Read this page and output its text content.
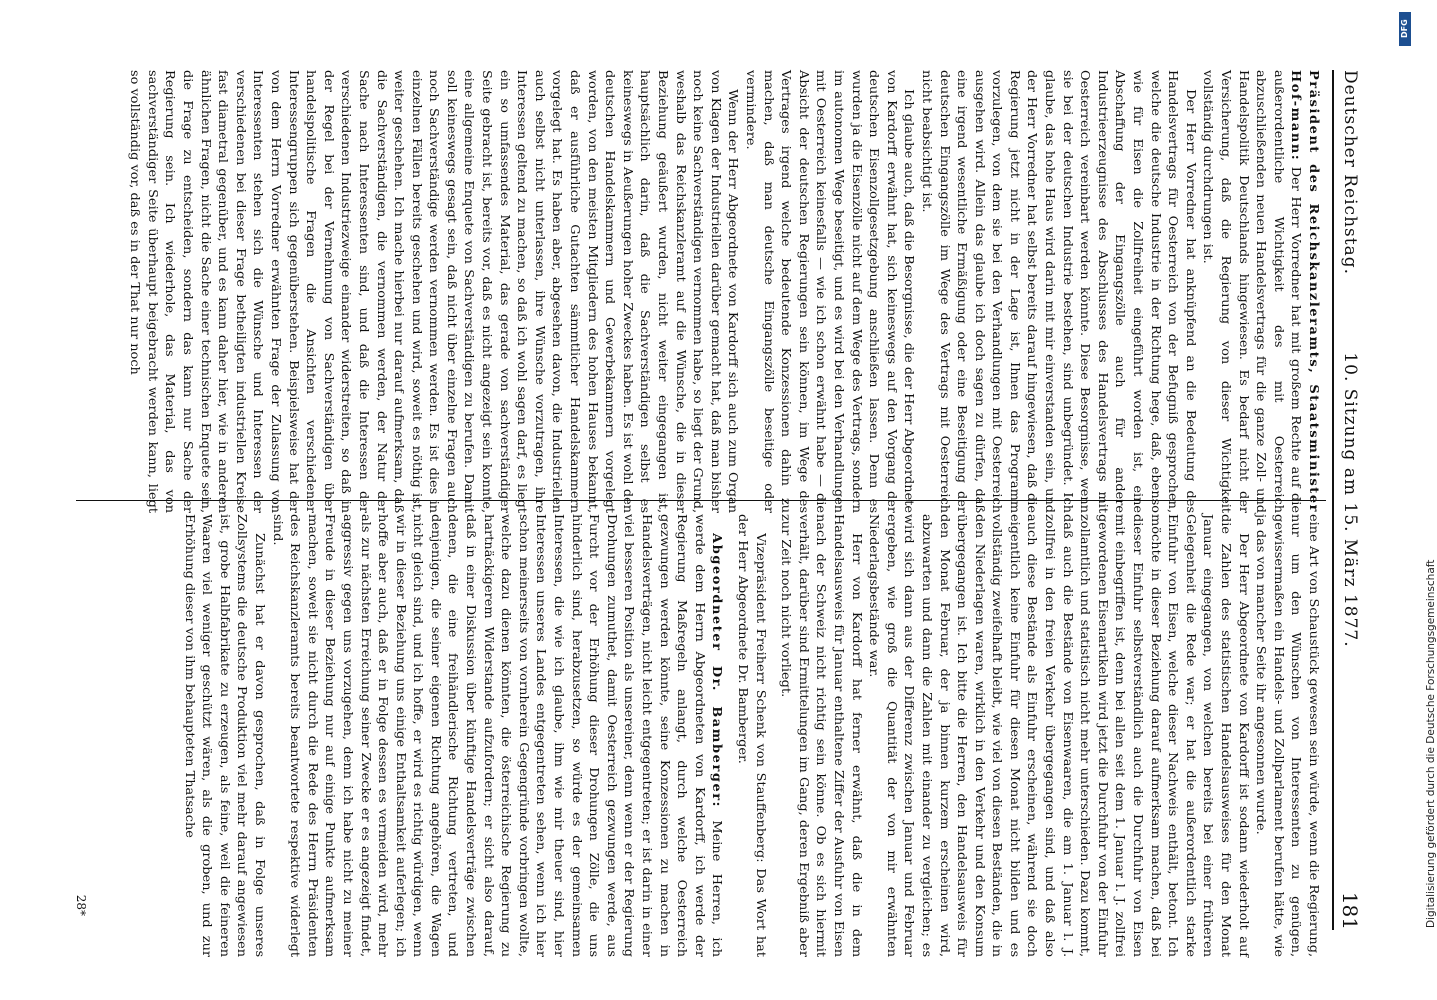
Deutscher Reichstag.
10. Sitzung am 15. März 1877.
181

Präsident des Reichskanzleramts, Staatsminister Hof-mann: Der Herr Vorredner hat mit großem Rechte auf die außerordentliche Wichtigkeit des mit Oesterreich abzuschließenden neuen Handelsvertrags für die ganze Zoll- und Handelspolitik Deutschlands hingewiesen. Es bedarf nicht der Versicherung, daß die Regierung von dieser Wichtigkeit vollständig durchdrungen ist.

Der Herr Vorredner hat anknüpfend an die Bedeutung des Handelsvertrags für Oesterreich von der Befugniß gesprochen, welche die deutsche Industrie in der Richtung hege, daß, ebenso wie für Eisen die Zollfreiheit eingeführt worden ist, eine Abschaffung der Eingangszölle auch für andere Industrieerzeugnisse des Abschlusses des Handelsvertrags mit Oesterreich vereinbart werden könnte. Diese Besorgnisse, wenn sie bei der deutschen Industrie bestehen, sind unbegründet. Ich glaube, das hohe Haus wird darin mit mir einverstanden sein, und der Herr Vorredner hat selbst bereits darauf hingewiesen, daß die Regierung jetzt nicht in der Lage ist, Ihnen das Programm vorzulegen, von dem sie bei den Verhandlungen mit Oesterreich ausgehen wird. Allein das glaube ich doch sagen zu dürfen, daß eine irgend wesentliche Ermäßigung oder eine Beseitigung der deutschen Eingangszölle im Wege des Vertrags mit Oesterreich nicht beabsichtigt ist.

Ich glaube auch, daß die Besorgnisse, die der Herr Abgeordnete von Kardorff erwähnt hat, sich keineswegs auf den Vorgang der deutschen Eisenzollgesetzgebung anschließen lassen. Denn es wurden ja die Eisenzölle nicht auf dem Wege des Vertrags, sondern im autonomen Wege beseitigt, und es wird bei den Verhandlungen mit Oesterreich keinesfalls — wie ich schon erwähnt habe — die Absicht der deutschen Regierungen sein können, im Wege des Vertrages irgend welche bedeutende Konzessionen dahin zu machen, daß man deutsche Eingangszölle beseitige oder vermindere.

Wenn der Herr Abgeordnete von Kardorff sich auch zum Organ von Klagen der Industriellen darüber gemacht hat, daß man bisher noch keine Sachverständigen vernommen habe, so liegt der Grund, weshalb das Reichskanzleramt auf die Wünsche, die in dieser Beziehung geäußert wurden, nicht weiter eingegangen ist, hauptsächlich darin, daß die Sachverständigen selbst es keineswegs in Aeußerungen hoher Zweckes haben. Es ist wohl den deutschen Handelskammern und Gewerbekammern vorgelegt worden, von den meisten Mitgliedern des hohen Hauses bekannt, daß er ausführliche Gutachten sämmtlicher Handelskammern vorgelegt hat. Es haben aber, abgesehen davon, die Industriellen auch selbst nicht unterlassen, ihre Wünsche vorzutragen, ihre Interessen geltend zu machen, so daß ich wohl sagen darf, es liegt ein so umfassendes Material, das gerade von sachverständiger Seite gebracht ist, bereits vor, daß es nicht angezeigt sein konnte, eine allgemeine Enquete von Sachverständigen zu berufen. Damit soll keineswegs gesagt sein, daß nicht über einzelne Fragen auch noch Sachverständige werden vernommen werden. Es ist dies in einzelnen Fällen bereits geschehen und wird, soweit es nöthig ist, weiter geschehen. Ich mache hierbei nur darauf aufmerksam, daß die Sachverständigen, die vernommen werden, der Natur der Sache nach Interessenten sind, und daß die Interessen der verschiedenen Industriezweige einander widerstreiten, so daß in der Regel bei der Vernehmung von Sachverständigen über handelspolitische Fragen die Ansichten verschiedener Interessengruppen sich gegenüberstehen. Beispielsweise hat der von dem Herrn Vorredner erwähnten Frage der Zulassung von Interessenten stehen sich die Wünsche und Interessen der verschiedenen bei dieser Frage betheiligten industriellen Kreise fast diametral gegenüber, und es kann daher hier, wie in anderen ähnlichen Fragen, nicht die Sache einer technischen Enquete sein, die Frage zu entscheiden, sondern das kann nur Sache der Regierung sein. Ich wiederhole, das Material, das von sachverständiger Seite überhaupt beigebracht werden kann, liegt so vollständig vor, daß es in der That nur noch

eine Art von Schaustück gewesen sein würde, wenn die Regierung, nur um den Wünschen von Interessenten zu genügen, gewissermaßen ein Handels- und Zollparlament berufen hätte, wie ja das von mancher Seite ihr angesonnen wurde.

Der Herr Abgeordnete von Kardorff ist sodann wiederholt auf die Zahlen des statistischen Handelsausweises für den Monat Januar eingegangen, von welchen bereits bei einer früheren Gelegenheit die Rede war; er hat die außerordentlich starke Einfuhr von Eisen, welche dieser Nachweis enthält, betont. Ich möchte in dieser Beziehung darauf aufmerksam machen, daß bei dieser Einfuhr selbstverständlich auch die Durchfuhr von Eisen mit einbegriffen ist, denn bei allen seit dem 1. Januar l. J. zollfrei gewordenen Eisenartikeln wird jetzt die Durchfuhr von der Einfuhr zollamtlich und statistisch nicht mehr unterschieden. Dazu kommt, daß auch die Bestände von Eisenwaaren, die am 1. Januar l. J. zollfrei in den freien Verkehr übergegangen sind, und daß also auch diese Bestände als Einfuhr erscheinen, während sie doch eigentlich keine Einfuhr für diesen Monat nicht bilden und es vollständig zweifelhaft bleibt, wie viel von diesen Beständen, die in den Niederlagen waren, wirklich in den Verkehr und den Konsum übergegangen ist. Ich bitte die Herren, den Handelsausweis für den Monat Februar, der ja binnen kurzem erscheinen wird, abzuwarten und dann die Zahlen mit einander zu vergleichen; es wird sich dann aus der Differenz zwischen Januar und Februar ergeben, wie groß die Quantität der von mir erwähnten Niederlagsbestände war.

Herr von Kardorff hat ferner erwähnt, daß die in dem Handelsausweis für Januar enthaltene Ziffer der Ausfuhr von Eisen nach der Schweiz nicht richtig sein könne. Ob es sich hiermit verhält, darüber sind Ermittelungen im Gang, deren Ergebniß aber zur Zeit noch nicht vorliegt.

Vizepräsident Freiherr Schenk von Stauffenberg: Das Wort hat der Herr Abgeordnete Dr. Bamberger.

Abgeordneter Dr. Bamberger: Meine Herren, ich werde dem Herrn Abgeordneten von Kardorff, ich werde der Regierung Maßregeln anlangt, durch welche Oesterreich gezwungen werden könnte, seine Konzessionen zu machen in Handelsverträgen, nicht leicht entgegentreten; er ist darin in einer viel besseren Position als unsereiner, denn wenn er der Regierung Drohungen zumuthet, damit Oesterreich gezwungen werde, aus Furcht vor der Erhöhung dieser Drohungen Zölle, die uns hinderlich sind, herabzusetzen, so würde es der gemeinsamen Interessen, die wie ich glaube, ihm wie mir theuer sind, hier Interessen unseres Landes entgegentreten sehen, wenn ich hier schon meinerseits von vornherein Gegengründe vorbringen wollte, welche dazu dienen könnten, die österreichische Regierung zu hartnäckigerem Widerstande aufzufordern; er sicht also darauf, daß in einer Diskussion über künftige Handelsverträge zwischen denen, die eine freihändlerische Richtung vertreten, und denjenigen, die seiner eigenen Richtung angehören, die Wagen nicht gleich sind, und ich hoffe, er wird es richtig würdigen, wenn wir in dieser Beziehung uns einige Enthaltsamkeit auferlegen; ich hoffe aber auch, daß er in Folge dessen es vermeiden wird, mehr als zur nächsten Erreichung seiner Zwecke er es angezeigt findet, aggressiv gegen uns vorzugehen, denn ich habe nicht zu meiner Freude in dieser Beziehung nur auf einige Punkte aufmerksam machen, soweit sie nicht durch die Rede des Herrn Präsidenten des Reichskanzleramts bereits beantwortete respektive widerlegt sind.

Zunächst hat er davon gesprochen, daß in Folge unseres Zollsystems die deutsche Produktion viel mehr darauf angewiesen ist, grobe Halbfabrikate zu erzeugen, als feine, weil die feineren Waaren viel weniger geschützt wären, als die groben, und zur Erhöhung dieser von ihm behaupteten Thatsache

28*
DFG
Digitalisierung gefördert durch die Deutsche Forschungsgemeinschaft
